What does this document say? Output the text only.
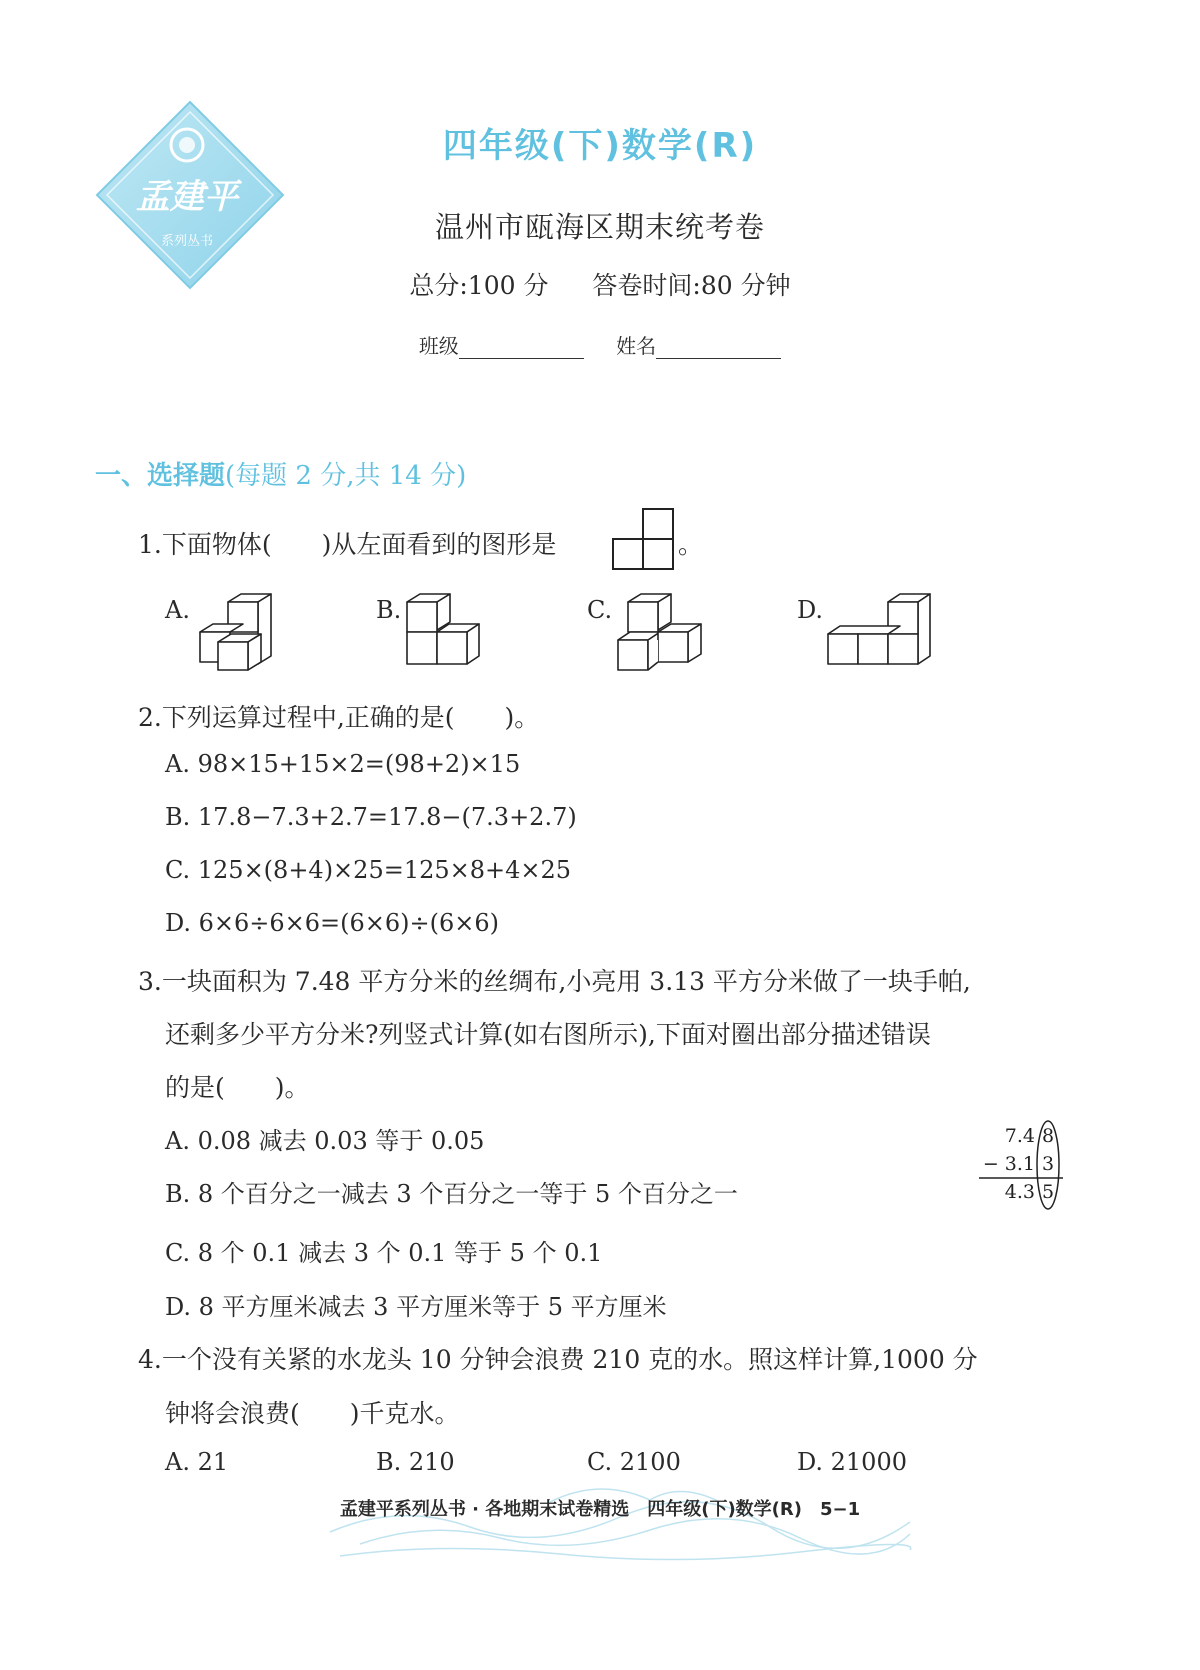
孟建平
系列丛书
四年级(下)数学(R)
温州市瓯海区期末统考卷
总分:100 分 答卷时间:80 分钟
班级	姓名
一、选择题(每题 2 分,共 14 分)
1.下面物体(　　)从左面看到的图形是	。
A.	B.	C.	D.
2.下列运算过程中,正确的是(　　)。
A. 98×15+15×2=(98+2)×15
B. 17.8−7.3+2.7=17.8−(7.3+2.7)
C. 125×(8+4)×25=125×8+4×25
D. 6×6÷6×6=(6×6)÷(6×6)
3.一块面积为 7.48 平方分米的丝绸布,小亮用 3.13 平方分米做了一块手帕,
还剩多少平方分米?列竖式计算(如右图所示),下面对圈出部分描述错误
的是(　　)。
A. 0.08 减去 0.03 等于 0.05
B. 8 个百分之一减去 3 个百分之一等于 5 个百分之一
C. 8 个 0.1 减去 3 个 0.1 等于 5 个 0.1
D. 8 平方厘米减去 3 平方厘米等于 5 平方厘米
7.4 8
− 3.1 3
4.3 5
4.一个没有关紧的水龙头 10 分钟会浪费 210 克的水。照这样计算,1000 分
钟将会浪费(　　)千克水。
A. 21	B. 210	C. 2100	D. 21000
孟建平系列丛书 · 各地期末试卷精选　四年级(下)数学(R)　5−1
